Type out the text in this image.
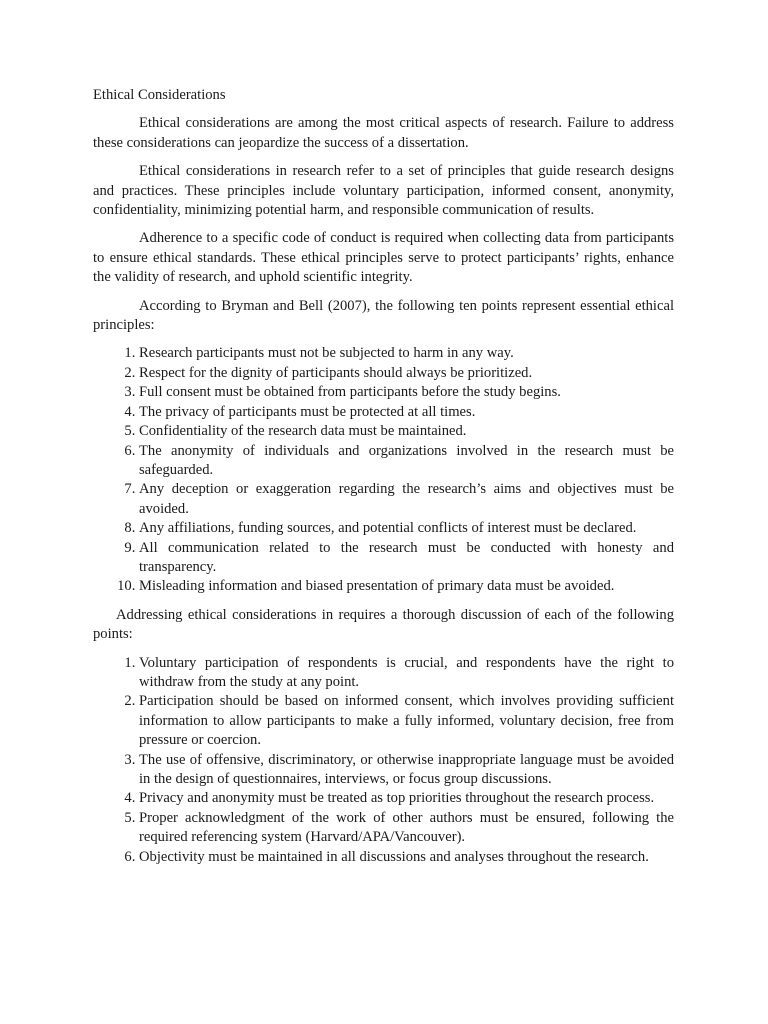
Ethical Considerations

Ethical considerations are among the most critical aspects of research. Failure to address these considerations can jeopardize the success of a dissertation.

Ethical considerations in research refer to a set of principles that guide research designs and practices. These principles include voluntary participation, informed consent, anonymity, confidentiality, minimizing potential harm, and responsible communication of results.

Adherence to a specific code of conduct is required when collecting data from participants to ensure ethical standards. These ethical principles serve to protect participants’ rights, enhance the validity of research, and uphold scientific integrity.

According to Bryman and Bell (2007), the following ten points represent essential ethical principles:

1. Research participants must not be subjected to harm in any way.
2. Respect for the dignity of participants should always be prioritized.
3. Full consent must be obtained from participants before the study begins.
4. The privacy of participants must be protected at all times.
5. Confidentiality of the research data must be maintained.
6. The anonymity of individuals and organizations involved in the research must be safeguarded.
7. Any deception or exaggeration regarding the research’s aims and objectives must be avoided.
8. Any affiliations, funding sources, and potential conflicts of interest must be declared.
9. All communication related to the research must be conducted with honesty and transparency.
10. Misleading information and biased presentation of primary data must be avoided.

Addressing ethical considerations in requires a thorough discussion of each of the following points:

1. Voluntary participation of respondents is crucial, and respondents have the right to withdraw from the study at any point.
2. Participation should be based on informed consent, which involves providing sufficient information to allow participants to make a fully informed, voluntary decision, free from pressure or coercion.
3. The use of offensive, discriminatory, or otherwise inappropriate language must be avoided in the design of questionnaires, interviews, or focus group discussions.
4. Privacy and anonymity must be treated as top priorities throughout the research process.
5. Proper acknowledgment of the work of other authors must be ensured, following the required referencing system (Harvard/APA/Vancouver).
6. Objectivity must be maintained in all discussions and analyses throughout the research.
